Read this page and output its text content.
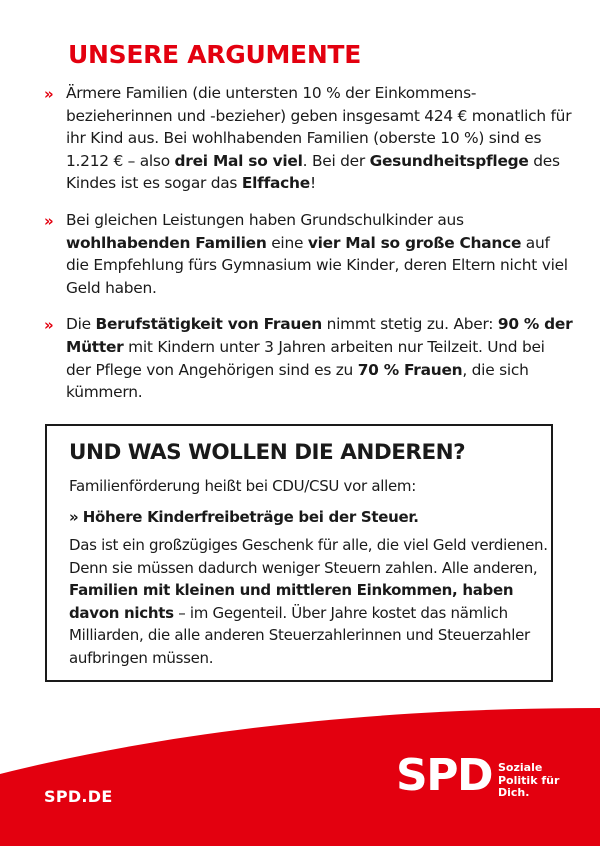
UNSERE ARGUMENTE
» Ärmere Familien (die untersten 10 % der Einkommensbezieherinnen und -bezieher) geben insgesamt 424 € monatlich für ihr Kind aus. Bei wohlhabenden Familien (oberste 10 %) sind es 1.212 € – also drei Mal so viel. Bei der Gesundheitspflege des Kindes ist es sogar das Elffache!
» Bei gleichen Leistungen haben Grundschulkinder aus wohlhabenden Familien eine vier Mal so große Chance auf die Empfehlung fürs Gymnasium wie Kinder, deren Eltern nicht viel Geld haben.
» Die Berufstätigkeit von Frauen nimmt stetig zu. Aber: 90 % der Mütter mit Kindern unter 3 Jahren arbeiten nur Teilzeit. Und bei der Pflege von Angehörigen sind es zu 70 % Frauen, die sich kümmern.
UND WAS WOLLEN DIE ANDEREN?

Familienförderung heißt bei CDU/CSU vor allem:

» Höhere Kinderfreibeträge bei der Steuer.

Das ist ein großzügiges Geschenk für alle, die viel Geld verdienen. Denn sie müssen dadurch weniger Steuern zahlen. Alle anderen, Familien mit kleinen und mittleren Einkommen, haben davon nichts – im Gegenteil. Über Jahre kostet das nämlich Milliarden, die alle anderen Steuerzahlerinnen und Steuerzahler aufbringen müssen.

SPD.DE	SPD Soziale
Politik für
Dich.
